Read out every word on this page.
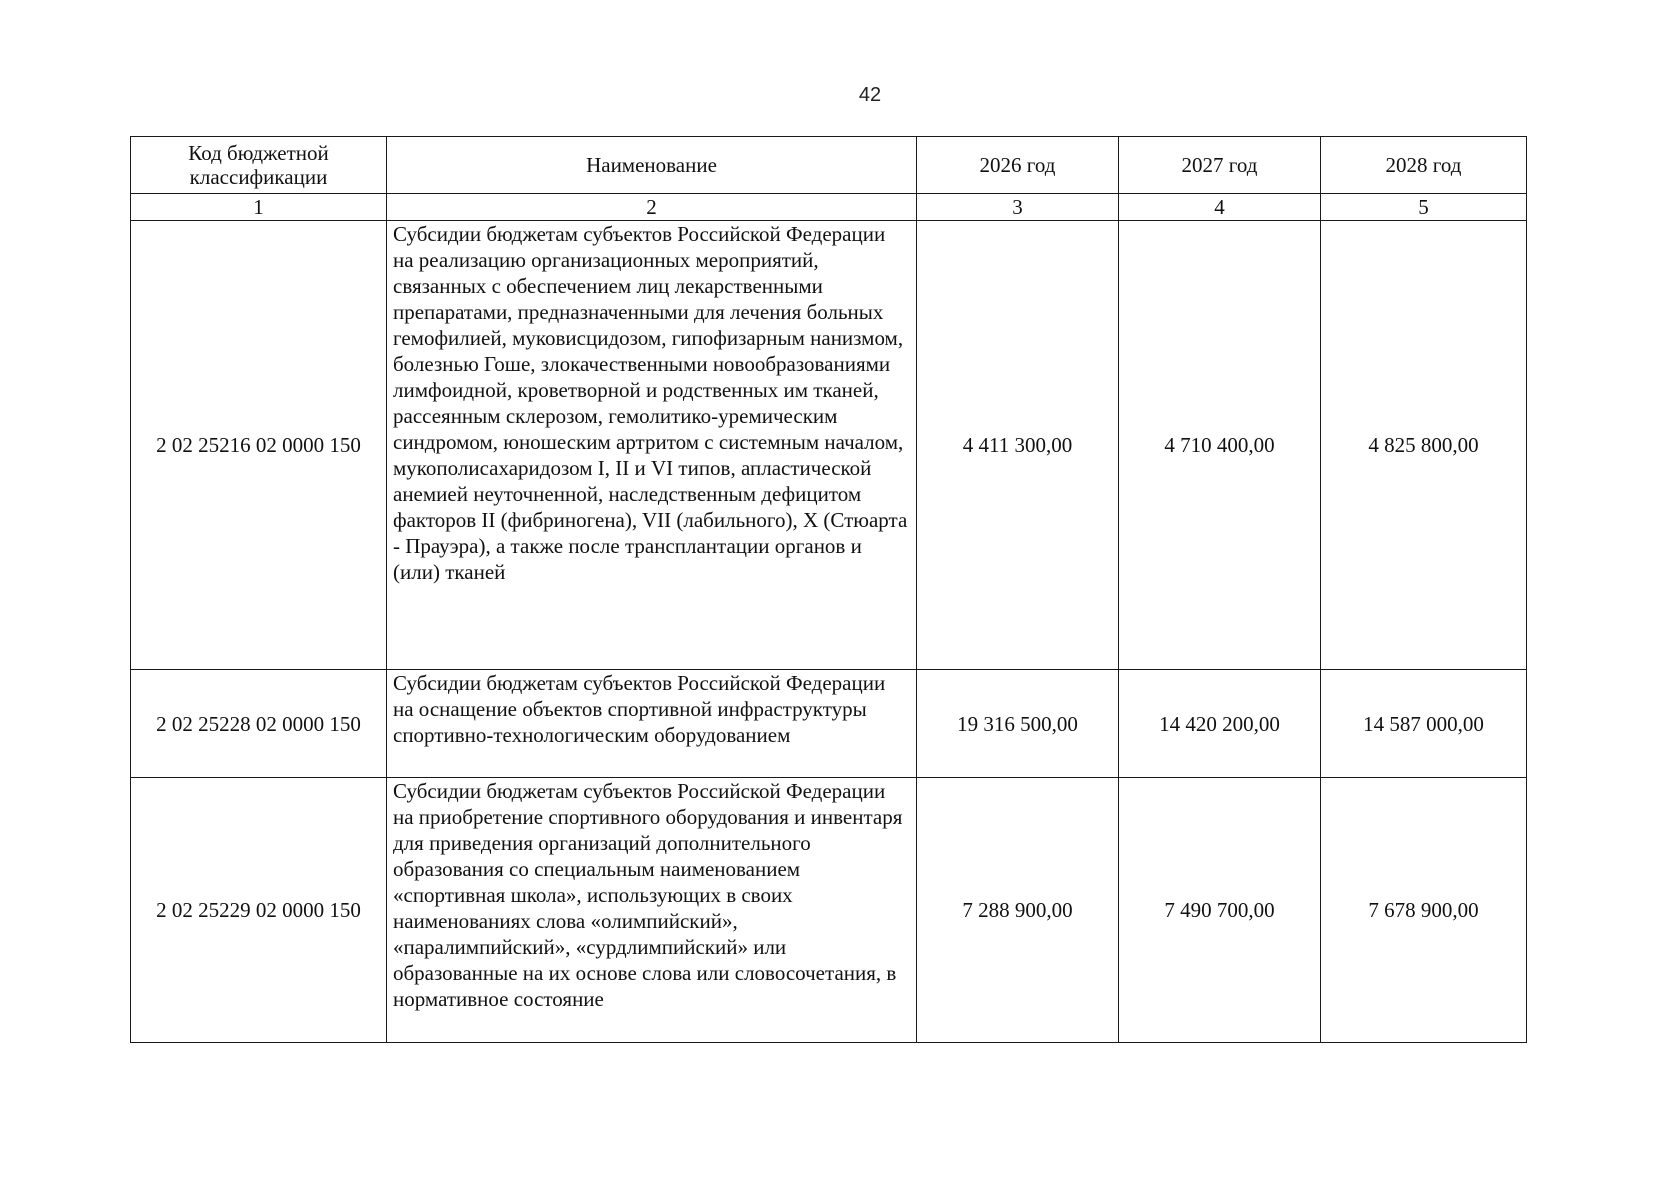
42
Код бюджетной классификации	Наименование	2026 год	2027 год	2028 год
1	2	3	4	5
2 02 25216 02 0000 150	Субсидии бюджетам субъектов Российской Федерации на реализацию организационных мероприятий, связанных с обеспечением лиц лекарственными препаратами, предназначенными для лечения больных гемофилией, муковисцидозом, гипофизарным нанизмом, болезнью Гоше, злокачественными новообразованиями лимфоидной, кроветворной и родственных им тканей, рассеянным склерозом, гемолитико-уремическим синдромом, юношеским артритом с системным началом, мукополисахаридозом I, II и VI типов, апластической анемией неуточненной, наследственным дефицитом факторов II (фибриногена), VII (лабильного), X (Стюарта - Прауэра), а также после трансплантации органов и (или) тканей	4 411 300,00	4 710 400,00	4 825 800,00
2 02 25228 02 0000 150	Субсидии бюджетам субъектов Российской Федерации на оснащение объектов спортивной инфраструктуры спортивно-технологическим оборудованием	19 316 500,00	14 420 200,00	14 587 000,00
2 02 25229 02 0000 150	Субсидии бюджетам субъектов Российской Федерации на приобретение спортивного оборудования и инвентаря для приведения организаций дополнительного образования со специальным наименованием «спортивная школа», использующих в своих наименованиях слова «олимпийский», «паралимпийский», «сурдлимпийский» или образованные на их основе слова или словосочетания, в нормативное состояние	7 288 900,00	7 490 700,00	7 678 900,00
